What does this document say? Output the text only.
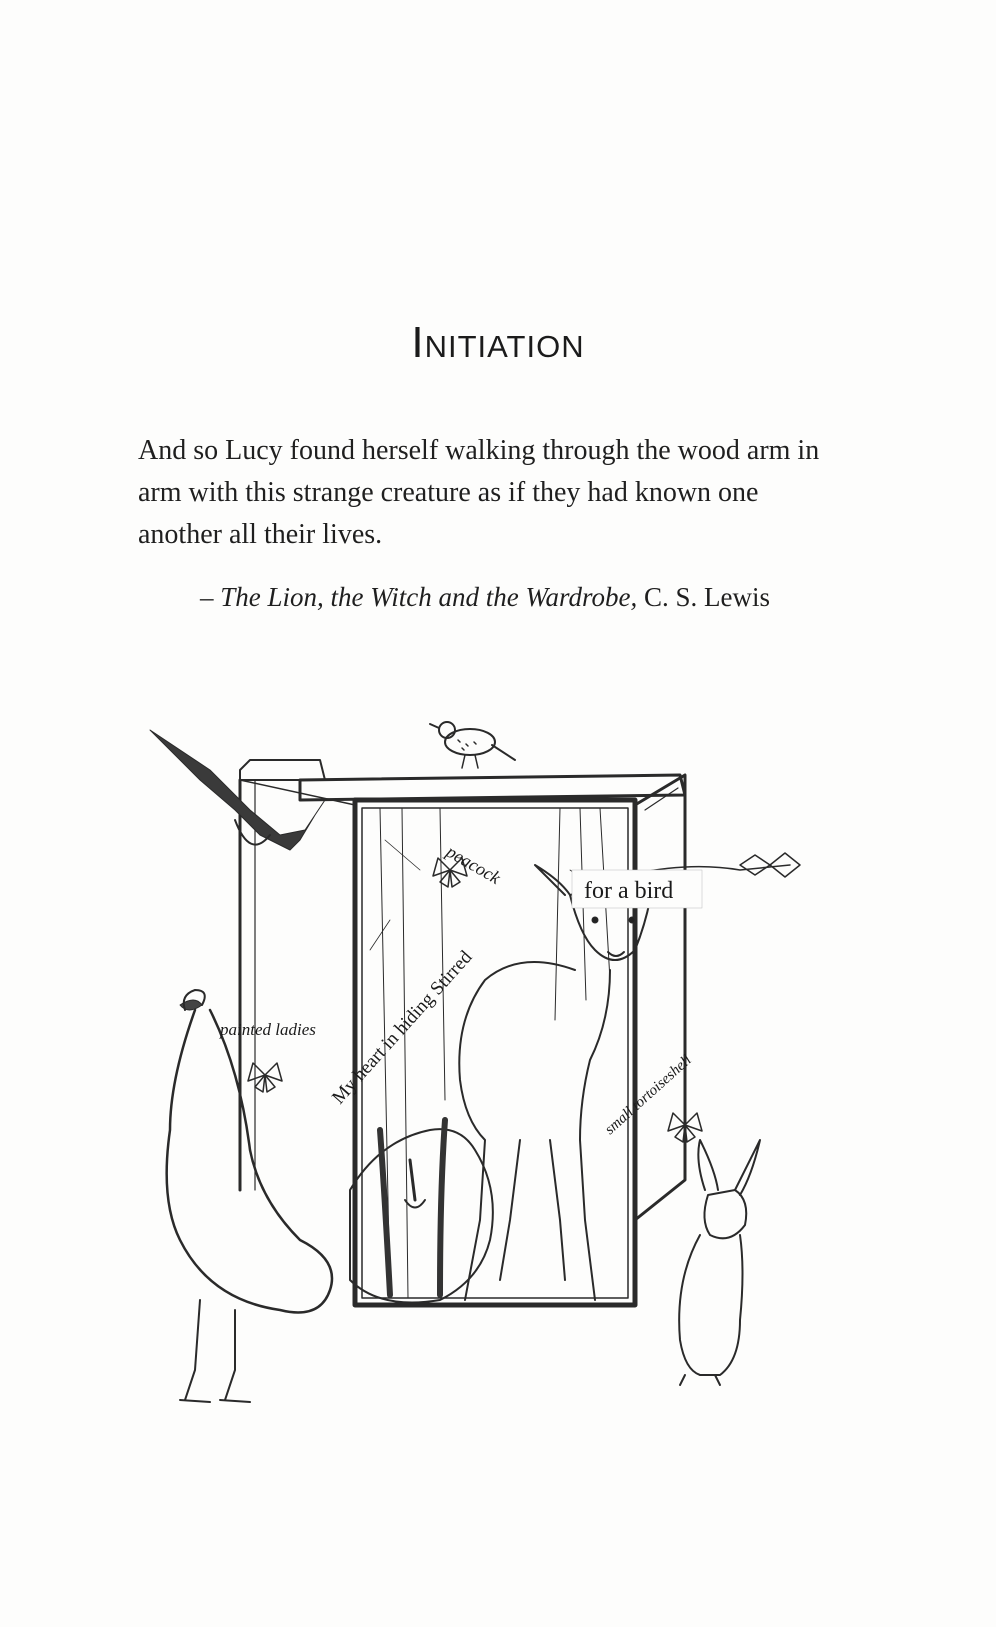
Initiation
And so Lucy found herself walking through the wood arm in arm with this strange creature as if they had known one another all their lives.
– The Lion, the Witch and the Wardrobe, C. S. Lewis
for a bird
peacock
painted ladies My heart in hiding Stirred	small tortoiseshell
